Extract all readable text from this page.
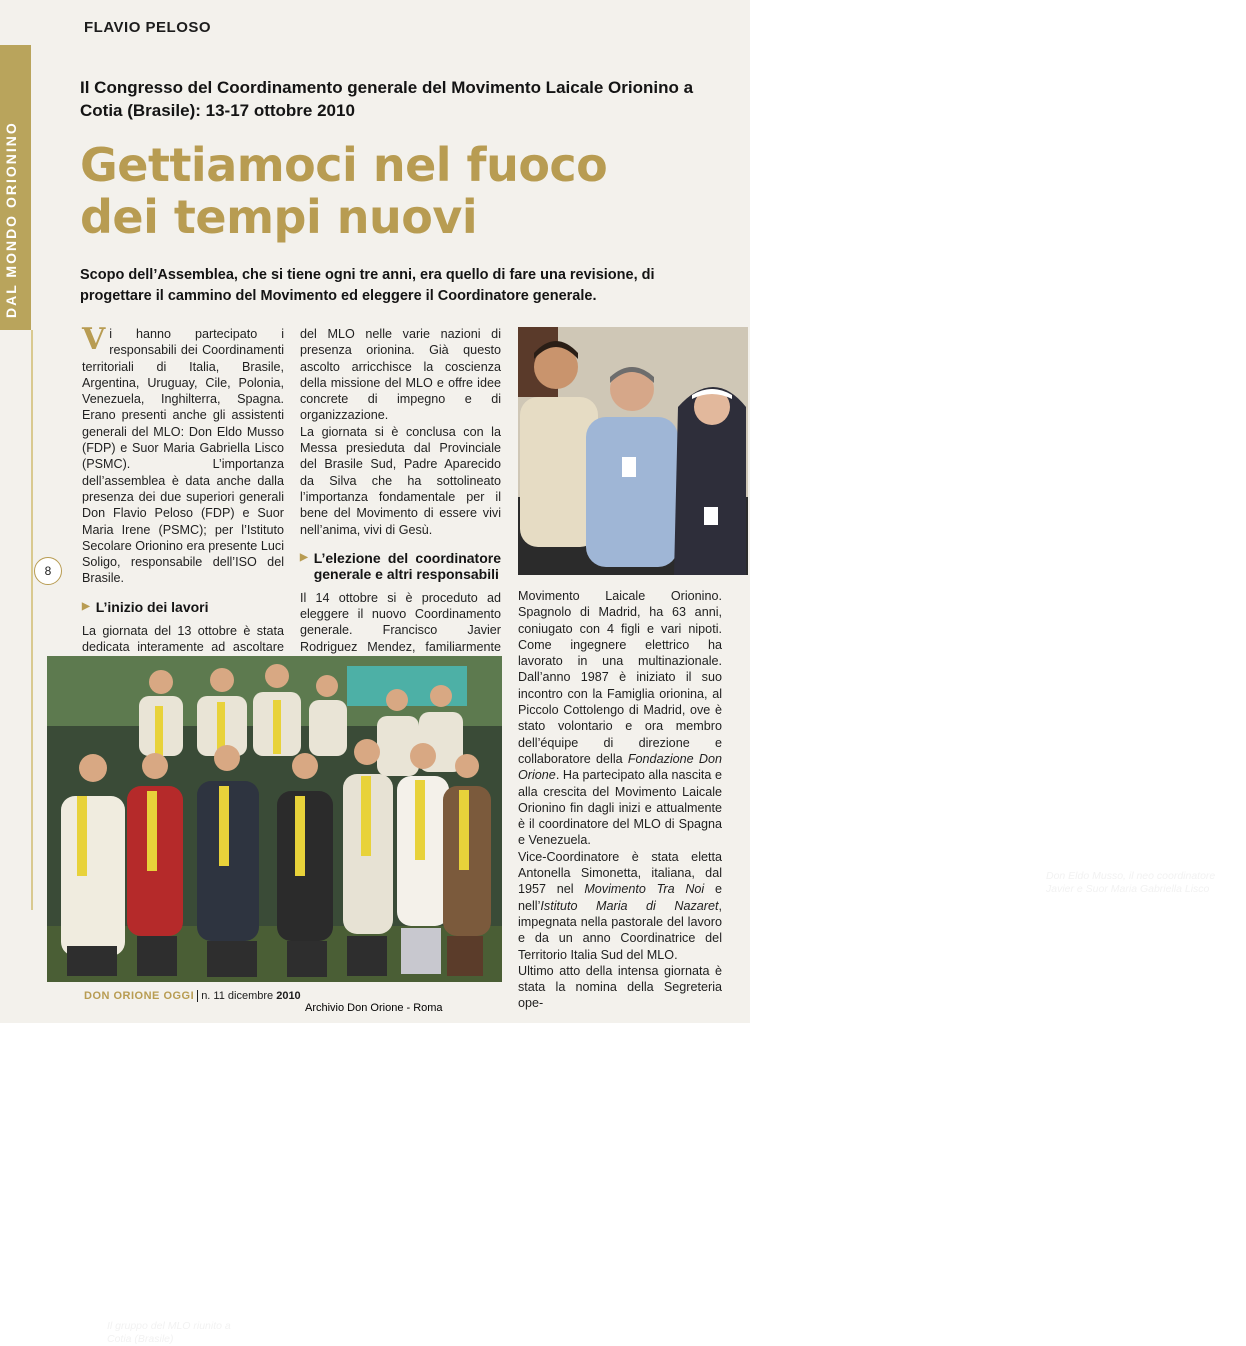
DAL MONDO ORIONINO
FLAVIO PELOSO
Il Congresso del Coordinamento generale del Movimento Laicale Orionino a Cotia (Brasile): 13-17 ottobre 2010
Gettiamoci nel fuoco
dei tempi nuovi
Scopo dell’Assemblea, che si tiene ogni tre anni, era quello di fare una revisione, di progettare il cammino del Movimento ed eleggere il Coordinatore generale.

Vi hanno partecipato i responsabili dei Coordinamenti territoriali di Italia, Brasile, Argentina, Uruguay, Cile, Polonia, Venezuela, Inghilterra, Spagna. Erano presenti anche gli assistenti generali del MLO: Don Eldo Musso (FDP) e Suor Maria Gabriella Lisco (PSMC). L’importanza dell’assemblea è data anche dalla presenza dei due superiori generali Don Flavio Peloso (FDP) e Suor Maria Irene (PSMC); per l’Istituto Secolare Orionino era presente Luci Soligo, responsabile dell’ISO del Brasile.

▶ L’inizio dei lavori

La giornata del 13 ottobre è stata dedicata interamente ad ascoltare

del MLO nelle varie nazioni di presenza orionina. Già questo ascolto arricchisce la coscienza della missione del MLO e offre idee concrete di impegno e di organizzazione.

La giornata si è conclusa con la Messa presieduta dal Provinciale del Brasile Sud, Padre Aparecido da Silva che ha sottolineato l’importanza fondamentale per il bene del Movimento di essere vivi nell’anima, vivi di Gesù.

▶ L’elezione del coordinatore generale e altri responsabili

Il 14 ottobre si è proceduto ad eleggere il nuovo Coordinamento generale. Francisco Javier Rodriguez Mendez, familiarmente

Movimento Laicale Orionino. Spagnolo di Madrid, ha 63 anni, coniugato con 4 figli e vari nipoti. Come ingegnere elettrico ha lavorato in una multinazionale. Dall’anno 1987 è iniziato il suo incontro con la Famiglia orionina, al Piccolo Cottolengo di Madrid, ove è stato volontario e ora membro dell’équipe di direzione e collaboratore della Fondazione Don Orione. Ha partecipato alla nascita e alla crescita del Movimento Laicale Orionino fin dagli inizi e attualmente è il coordinatore del MLO di Spagna e Venezuela.

Vice-Coordinatore è stata eletta Antonella Simonetta, italiana, dal 1957 nel Movimento Tra Noi e nell’Istituto Maria di Nazaret, impegnata nella pastorale del lavoro e da un anno Coordinatrice del Territorio Italia Sud del MLO.

Ultimo atto della intensa giornata è stata la nomina della Segreteria ope-

Don Eldo Musso, il neo coordinatore Javier e Suor Maria Gabriella Lisco
Il gruppo del MLO riunito a Cotia (Brasile)
8
DON ORIONE OGGI n. 11 dicembre 2010
Archivio Don Orione - Roma
